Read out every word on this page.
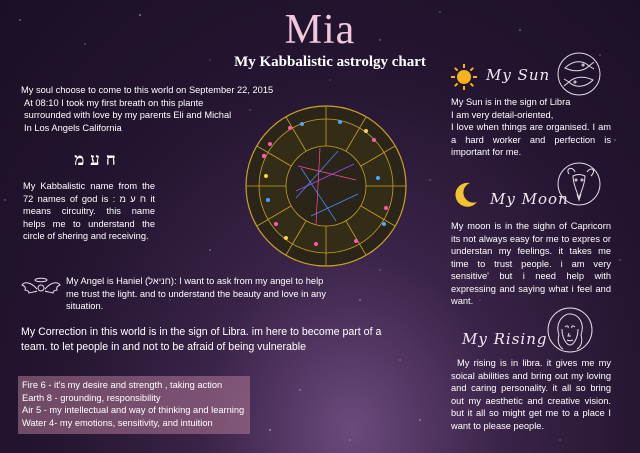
Mia
My Kabbalistic astrolgy chart
My soul choose to come to this world on September 22, 2015
At 08:10 I took my first breath on this plante
surrounded with love by my parents Eli and Michal
In Los Angels California
ח ע מ
My Kabbalistic name from the 72 names of god is : ח ע מ it means circuitry. this name helps me to understand the circle of shering and receiving.
My Angel is Haniel (חניאל): I want to ask from my angel to help me trust the light. and to understand the beauty and love in any situation.
My Correction in this world is in the sign of Libra. im here to become part of a
team. to let people in and not to be afraid of being vulnerable
Fire 6 - it's my desire and strength , taking action
Earth 8 - grounding, responsibility
Air 5 - my intellectual and way of thinking and learning
Water 4- my emotions, sensitivity, and intuition
My Sun
My Sun is in the sign of Libra
I am very detail-oriented,
I love when things are organised. I am a hard worker and perfection is important for me.
My Moon
My moon is in the sighn of Capricorn its not always easy for me to expres or understan my feelings. it takes me time to trust people. i am very sensitive' but i need help with expressing and saying what i feel and want.
My Rising
My rising is in libra. it gives me my soical abilities and bring out my loving and caring personality. it all so bring out my aesthetic and creative vision. but it all so might get me to a place I want to please people.
